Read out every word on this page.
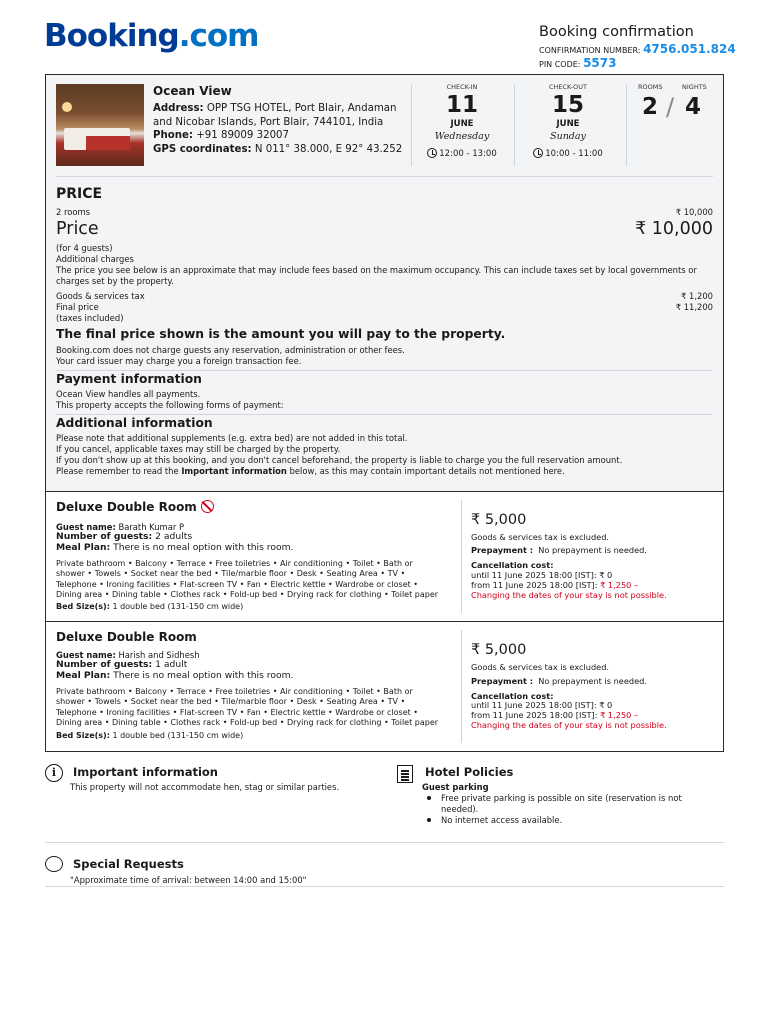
Booking.com	Booking confirmation
CONFIRMATION NUMBER: 4756.051.824
PIN CODE: 5573
Ocean View
Address: OPP TSG HOTEL, Port Blair, Andaman and Nicobar Islands, Port Blair, 744101, India
Phone: +91 89009 32007
GPS coordinates: N 011° 38.000, E 92° 43.252
CHECK-IN
11
JUNE
Wednesday
12:00 - 13:00
CHECK-OUT
15
JUNE
Sunday
10:00 - 11:00
ROOMS	NIGHTS
2 / 4
PRICE
2 rooms	₹ 10,000
Price	₹ 10,000
(for 4 guests)
Additional charges
The price you see below is an approximate that may include fees based on the maximum occupancy. This can include taxes set by local governments or charges set by the property.
Goods & services tax	₹ 1,200
Final price	₹ 11,200
(taxes included)
The final price shown is the amount you will pay to the property.
Booking.com does not charge guests any reservation, administration or other fees.
Your card issuer may charge you a foreign transaction fee.
Payment information
Ocean View handles all payments.
This property accepts the following forms of payment:
Additional information
Please note that additional supplements (e.g. extra bed) are not added in this total.
If you cancel, applicable taxes may still be charged by the property.
If you don't show up at this booking, and you don't cancel beforehand, the property is liable to charge you the full reservation amount.
Please remember to read the Important information below, as this may contain important details not mentioned here.
Deluxe Double Room
Guest name: Barath Kumar P
Number of guests: 2 adults
Meal Plan: There is no meal option with this room.
Private bathroom • Balcony • Terrace • Free toiletries • Air conditioning • Toilet • Bath or shower • Towels • Socket near the bed • Tile/marble floor • Desk • Seating Area • TV • Telephone • Ironing facilities • Flat-screen TV • Fan • Electric kettle • Wardrobe or closet • Dining area • Dining table • Clothes rack • Fold-up bed • Drying rack for clothing • Toilet paper
Bed Size(s): 1 double bed (131-150 cm wide)
₹ 5,000
Goods & services tax is excluded.
Prepayment : No prepayment is needed.
Cancellation cost:
until 11 June 2025 18:00 [IST]: ₹ 0
from 11 June 2025 18:00 [IST]: ₹ 1,250 –
Changing the dates of your stay is not possible.
Deluxe Double Room
Guest name: Harish and Sidhesh
Number of guests: 1 adult
Meal Plan: There is no meal option with this room.
Private bathroom • Balcony • Terrace • Free toiletries • Air conditioning • Toilet • Bath or shower • Towels • Socket near the bed • Tile/marble floor • Desk • Seating Area • TV • Telephone • Ironing facilities • Flat-screen TV • Fan • Electric kettle • Wardrobe or closet • Dining area • Dining table • Clothes rack • Fold-up bed • Drying rack for clothing • Toilet paper
Bed Size(s): 1 double bed (131-150 cm wide)
₹ 5,000
Goods & services tax is excluded.
Prepayment : No prepayment is needed.
Cancellation cost:
until 11 June 2025 18:00 [IST]: ₹ 0
from 11 June 2025 18:00 [IST]: ₹ 1,250 –
Changing the dates of your stay is not possible.
i	Important information
This property will not accommodate hen, stag or similar parties.
Hotel Policies
Guest parking
Free private parking is possible on site (reservation is not needed).
No internet access available.
Special Requests
"Approximate time of arrival: between 14:00 and 15:00"
